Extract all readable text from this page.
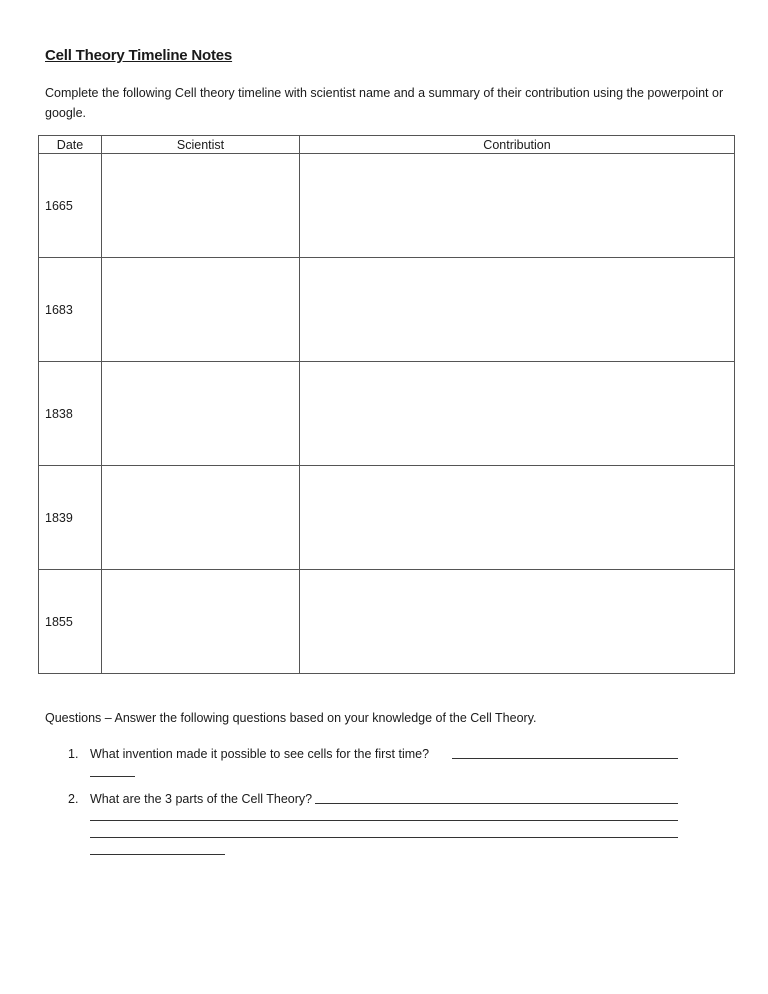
Cell Theory Timeline Notes
Complete the following Cell theory timeline with scientist name and a summary of their contribution using the powerpoint or google.
Date	Scientist	Contribution
1665		
1683		
1838		
1839		
1855		
Questions – Answer the following questions based on your knowledge of the Cell Theory.
1. What invention made it possible to see cells for the first time?
2. What are the 3 parts of the Cell Theory?
